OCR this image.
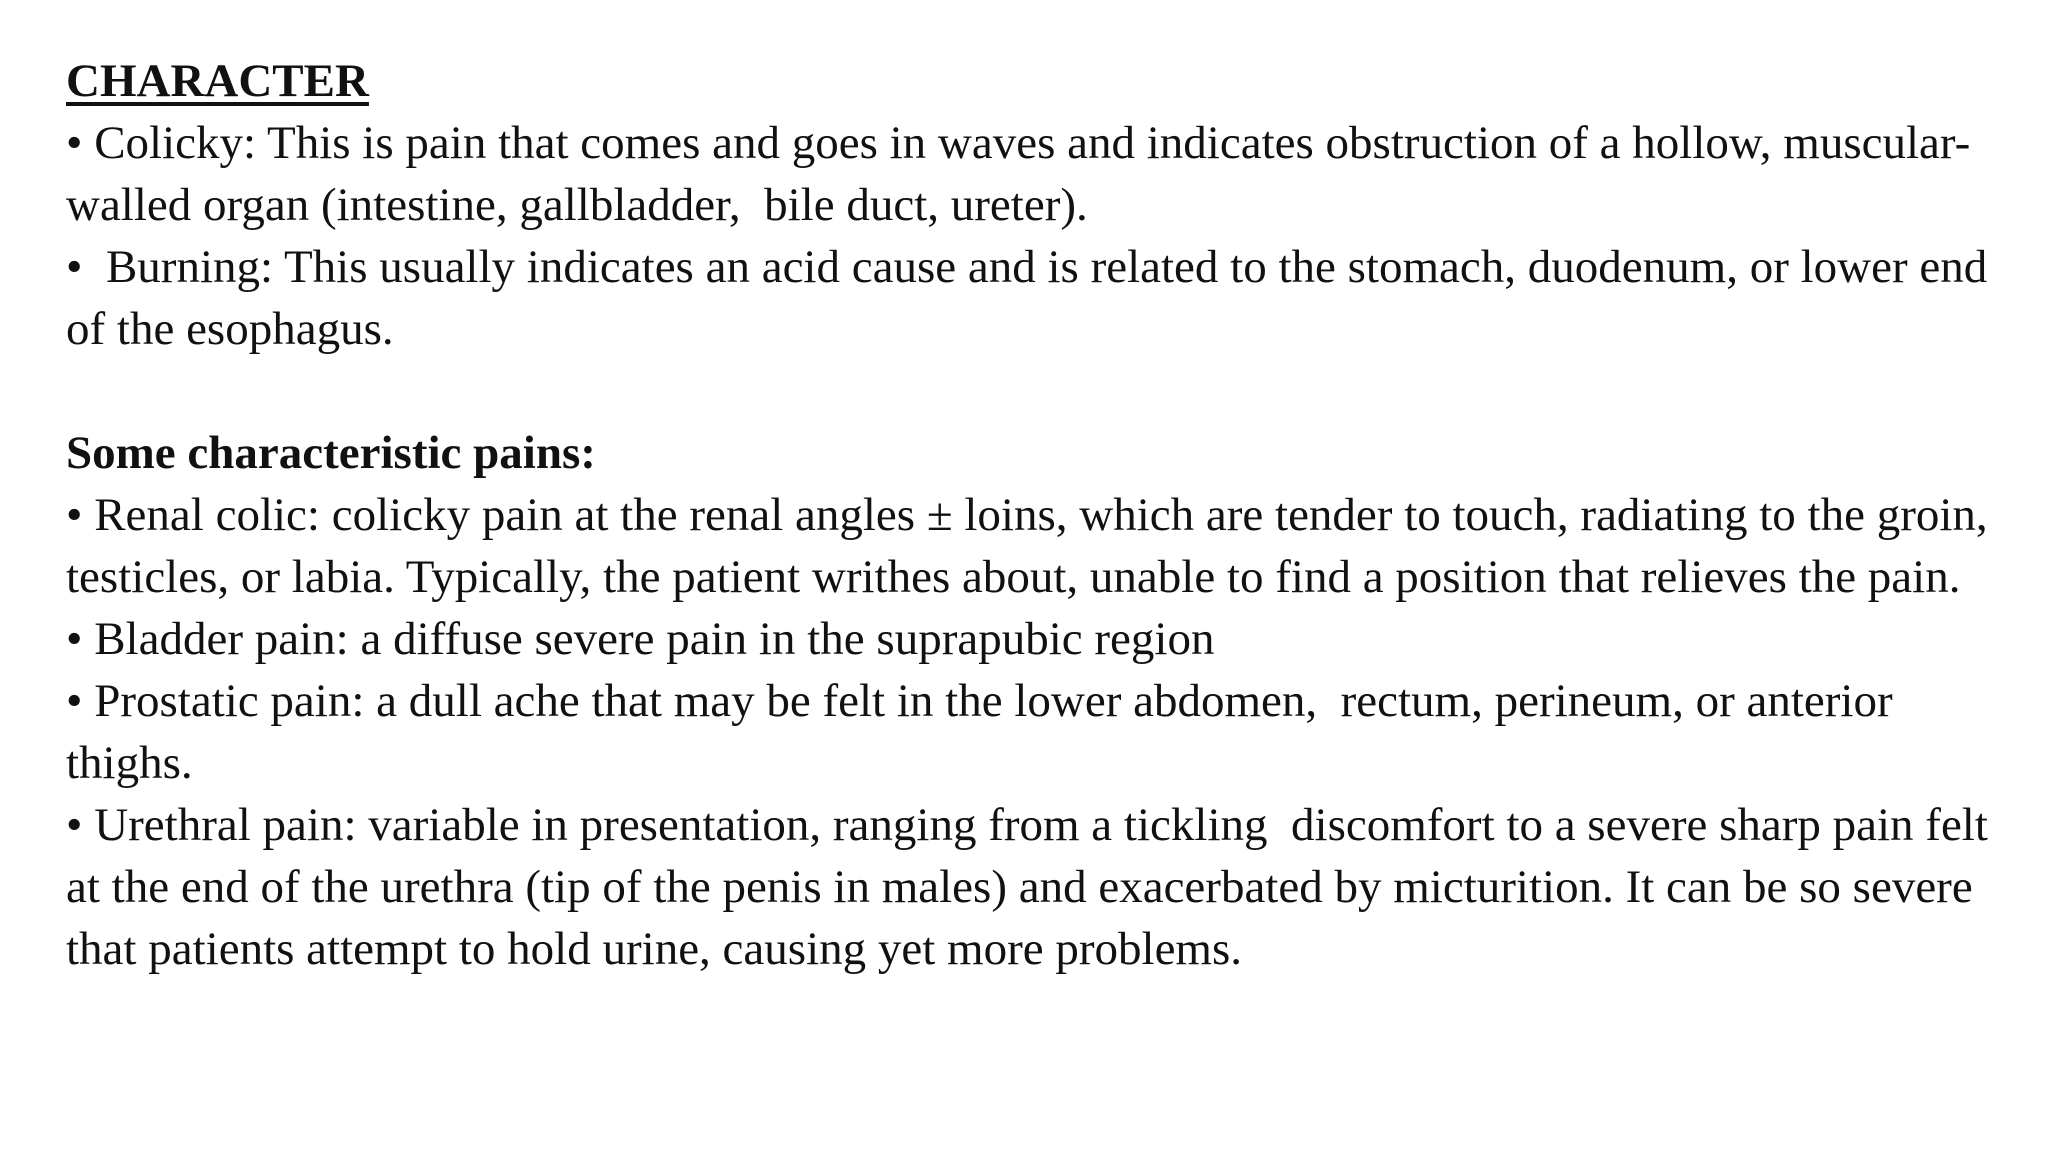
CHARACTER

• Colicky: This is pain that comes and goes in waves and indicates obstruction of a hollow, muscular-walled organ (intestine, gallbladder,  bile duct, ureter).

•  Burning: This usually indicates an acid cause and is related to the stomach, duodenum, or lower end of the esophagus.

Some characteristic pains:

• Renal colic: colicky pain at the renal angles ± loins, which are tender to touch, radiating to the groin, testicles, or labia. Typically, the patient writhes about, unable to find a position that relieves the pain.

• Bladder pain: a diffuse severe pain in the suprapubic region

• Prostatic pain: a dull ache that may be felt in the lower abdomen,  rectum, perineum, or anterior thighs.

• Urethral pain: variable in presentation, ranging from a tickling  discomfort to a severe sharp pain felt at the end of the urethra (tip of the penis in males) and exacerbated by micturition. It can be so severe that patients attempt to hold urine, causing yet more problems.
